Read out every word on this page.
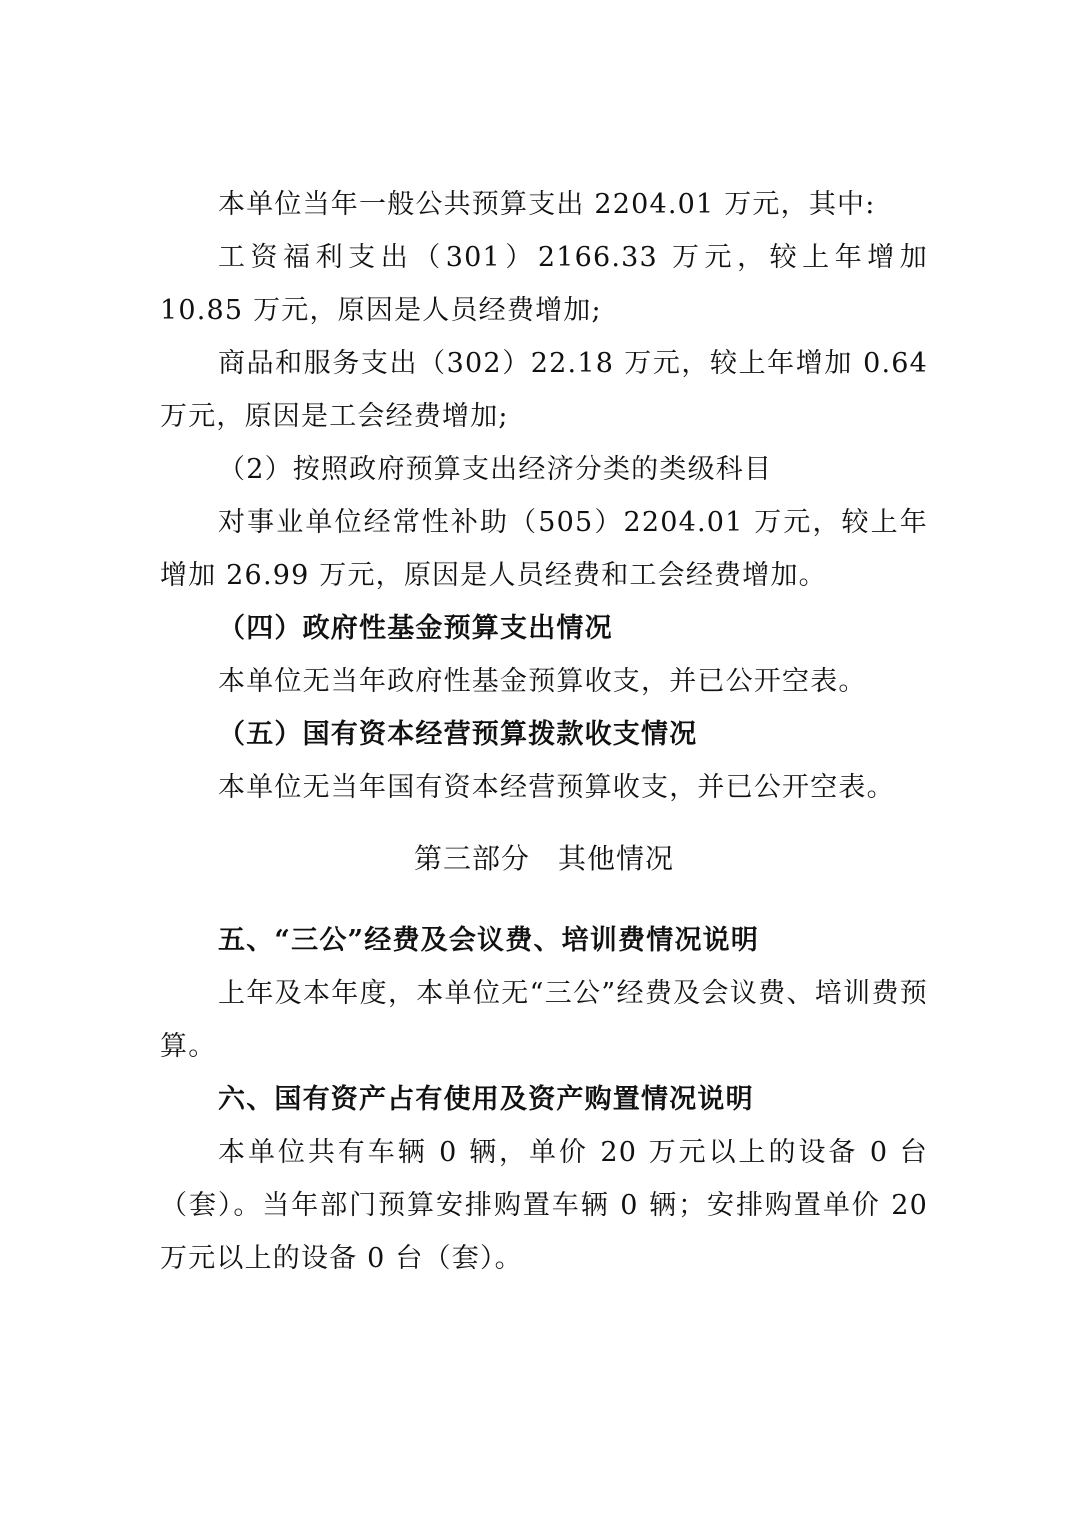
本单位当年一般公共预算支出 2204.01 万元，其中:

工资福利支出（301）2166.33 万元，较上年增加 10.85 万元，原因是人员经费增加;

商品和服务支出（302）22.18 万元，较上年增加 0.64 万元，原因是工会经费增加;

（2）按照政府预算支出经济分类的类级科目

对事业单位经常性补助（505）2204.01 万元，较上年增加 26.99 万元，原因是人员经费和工会经费增加。

（四）政府性基金预算支出情况

本单位无当年政府性基金预算收支，并已公开空表。

（五）国有资本经营预算拨款收支情况

本单位无当年国有资本经营预算收支，并已公开空表。

第三部分 其他情况

五、“三公”经费及会议费、培训费情况说明

上年及本年度，本单位无“三公”经费及会议费、培训费预算。

六、国有资产占有使用及资产购置情况说明

本单位共有车辆 0 辆，单价 20 万元以上的设备 0 台（套）。当年部门预算安排购置车辆 0 辆；安排购置单价 20 万元以上的设备 0 台（套）。
